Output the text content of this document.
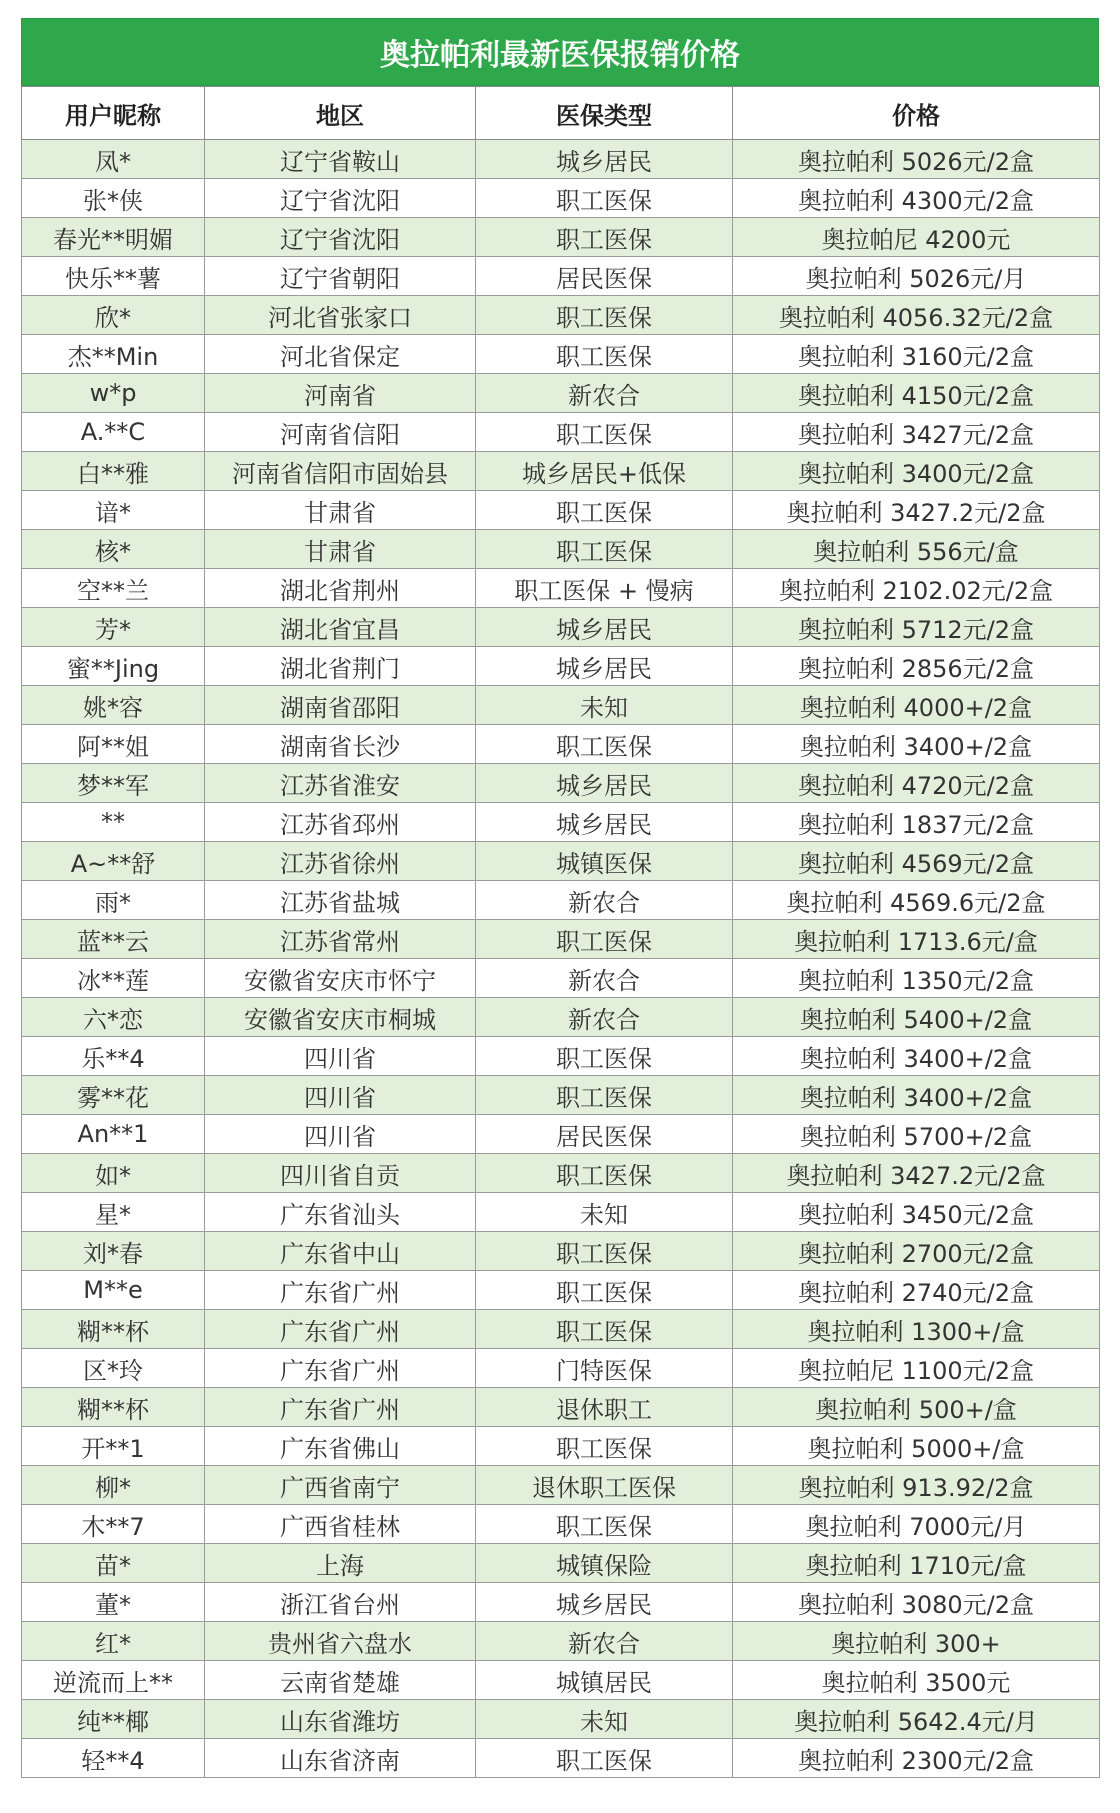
奥拉帕利最新医保报销价格
用户昵称	地区	医保类型	价格
凤*	辽宁省鞍山	城乡居民	奥拉帕利 5026元/2盒
张*侠	辽宁省沈阳	职工医保	奥拉帕利 4300元/2盒
春光**明媚	辽宁省沈阳	职工医保	奥拉帕尼 4200元
快乐**薯	辽宁省朝阳	居民医保	奥拉帕利 5026元/月
欣*	河北省张家口	职工医保	奥拉帕利 4056.32元/2盒
杰**Min	河北省保定	职工医保	奥拉帕利 3160元/2盒
w*p	河南省	新农合	奥拉帕利 4150元/2盒
A.**C	河南省信阳	职工医保	奥拉帕利 3427元/2盒
白**雅	河南省信阳市固始县	城乡居民+低保	奥拉帕利 3400元/2盒
谙*	甘肃省	职工医保	奥拉帕利 3427.2元/2盒
核*	甘肃省	职工医保	奥拉帕利 556元/盒
空**兰	湖北省荆州	职工医保 + 慢病	奥拉帕利 2102.02元/2盒
芳*	湖北省宜昌	城乡居民	奥拉帕利 5712元/2盒
蜜**Jing	湖北省荆门	城乡居民	奥拉帕利 2856元/2盒
姚*容	湖南省邵阳	未知	奥拉帕利 4000+/2盒
阿**姐	湖南省长沙	职工医保	奥拉帕利 3400+/2盒
梦**军	江苏省淮安	城乡居民	奥拉帕利 4720元/2盒
**	江苏省邳州	城乡居民	奥拉帕利 1837元/2盒
A~**舒	江苏省徐州	城镇医保	奥拉帕利 4569元/2盒
雨*	江苏省盐城	新农合	奥拉帕利 4569.6元/2盒
蓝**云	江苏省常州	职工医保	奥拉帕利 1713.6元/盒
冰**莲	安徽省安庆市怀宁	新农合	奥拉帕利 1350元/2盒
六*恋	安徽省安庆市桐城	新农合	奥拉帕利 5400+/2盒
乐**4	四川省	职工医保	奥拉帕利 3400+/2盒
雾**花	四川省	职工医保	奥拉帕利 3400+/2盒
An**1	四川省	居民医保	奥拉帕利 5700+/2盒
如*	四川省自贡	职工医保	奥拉帕利 3427.2元/2盒
星*	广东省汕头	未知	奥拉帕利 3450元/2盒
刘*春	广东省中山	职工医保	奥拉帕利 2700元/2盒
M**e	广东省广州	职工医保	奥拉帕利 2740元/2盒
糊**杯	广东省广州	职工医保	奥拉帕利 1300+/盒
区*玲	广东省广州	门特医保	奥拉帕尼 1100元/2盒
糊**杯	广东省广州	退休职工	奥拉帕利 500+/盒
开**1	广东省佛山	职工医保	奥拉帕利 5000+/盒
柳*	广西省南宁	退休职工医保	奥拉帕利 913.92/2盒
木**7	广西省桂林	职工医保	奥拉帕利 7000元/月
苗*	上海	城镇保险	奥拉帕利 1710元/盒
董*	浙江省台州	城乡居民	奥拉帕利 3080元/2盒
红*	贵州省六盘水	新农合	奥拉帕利 300+
逆流而上**	云南省楚雄	城镇居民	奥拉帕利 3500元
纯**椰	山东省潍坊	未知	奥拉帕利 5642.4元/月
轻**4	山东省济南	职工医保	奥拉帕利 2300元/2盒
